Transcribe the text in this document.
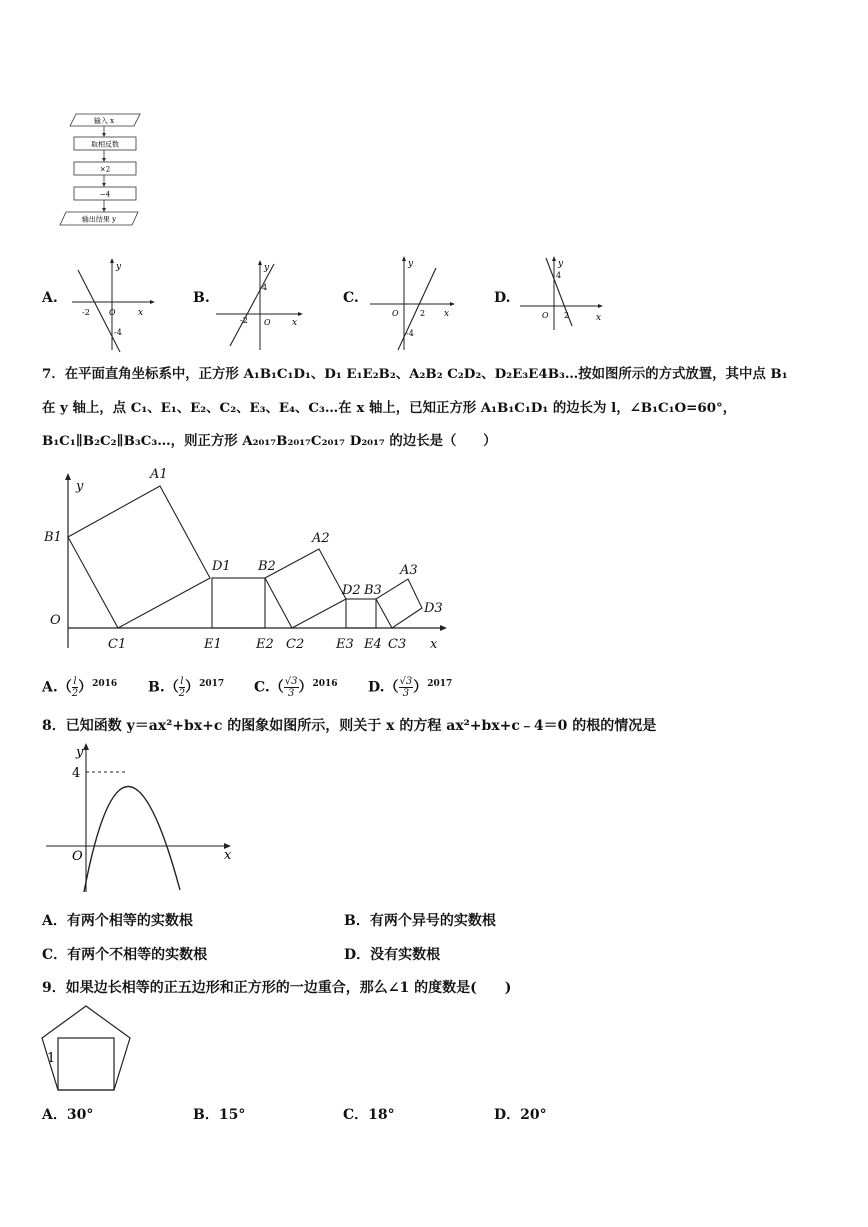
输入 x
取相反数
×2
−4
输出结果 y
A.
y
x
O
-2
-4
B.
y
x
O
-2
4
C.
y
x
O	2
-4
D.
y
x
O 2
4
7．在平面直角坐标系中，正方形 A₁B₁C₁D₁、D₁ E₁E₂B₂、A₂B₂ C₂D₂、D₂E₃E4B₃…按如图所示的方式放置，其中点 B₁
在 y 轴上，点 C₁、E₁、E₂、C₂、E₃、E₄、C₃…在 x 轴上，已知正方形 A₁B₁C₁D₁ 的边长为 l，∠B₁C₁O=60°，
B₁C₁∥B₂C₂∥B₃C₃…，则正方形 A₂₀₁₇B₂₀₁₇C₂₀₁₇ D₂₀₁₇ 的边长是（　　）
y
x
O
B1
A1
C1
D1
E1	E2
B2
A2
C2
D2 B3
E3 E4 C3
A3
D3
$A.( \frac{l}{2} )^{2016}$ $B.( \frac{l}{2} )^{2017}$ $C.( \frac{√3}{3} )^{2016}$ $D.( \frac{√3}{3} )^{2017}$
8．已知函数 y＝ax²+bx+c 的图象如图所示，则关于 x 的方程 ax²+bx+c﹣4＝0 的根的情况是
y
x
O
4
A．有两个相等的实数根	B．有两个异号的实数根
C．有两个不相等的实数根	D．没有实数根
9．如果边长相等的正五边形和正方形的一边重合，那么∠1 的度数是(　　)
1
A．30°	B．15°	C．18°	D．20°
